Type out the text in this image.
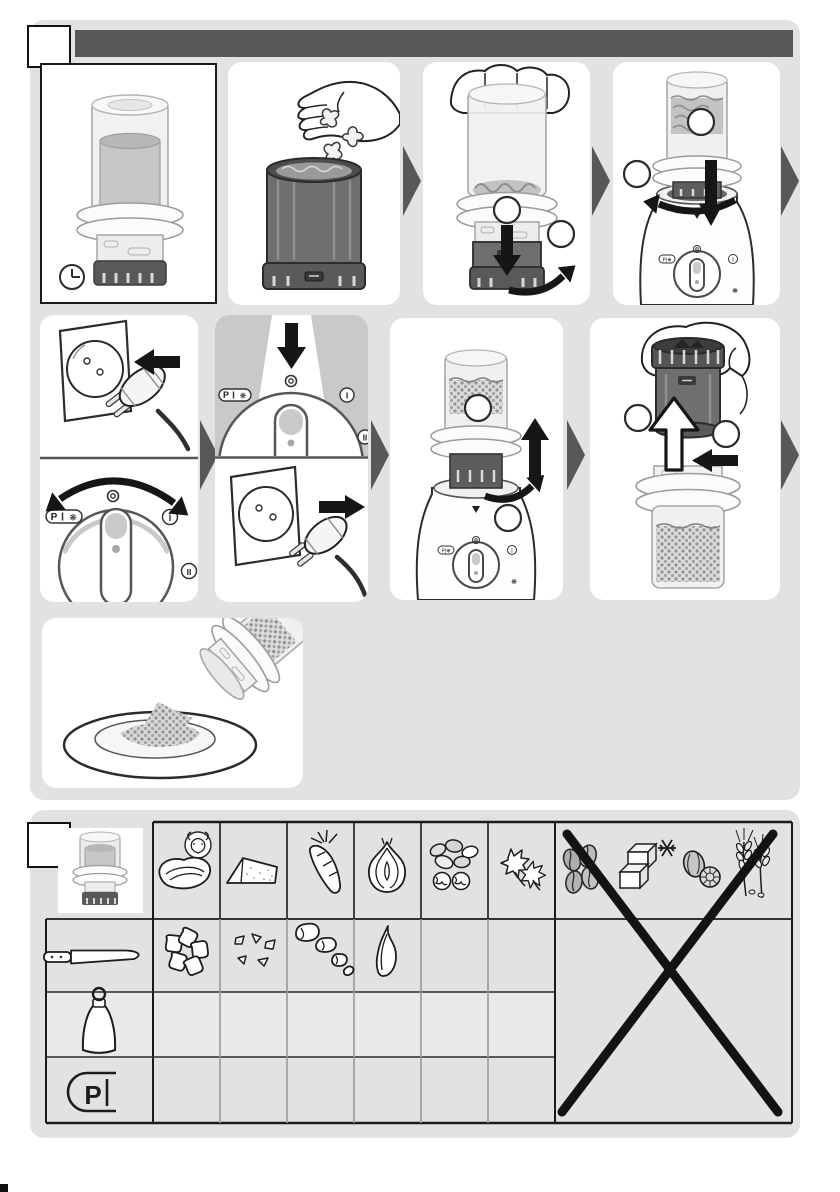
P|❋	I
❋
P ❋	I
II
P ❋	I
II
P|❋	I
❋
P
